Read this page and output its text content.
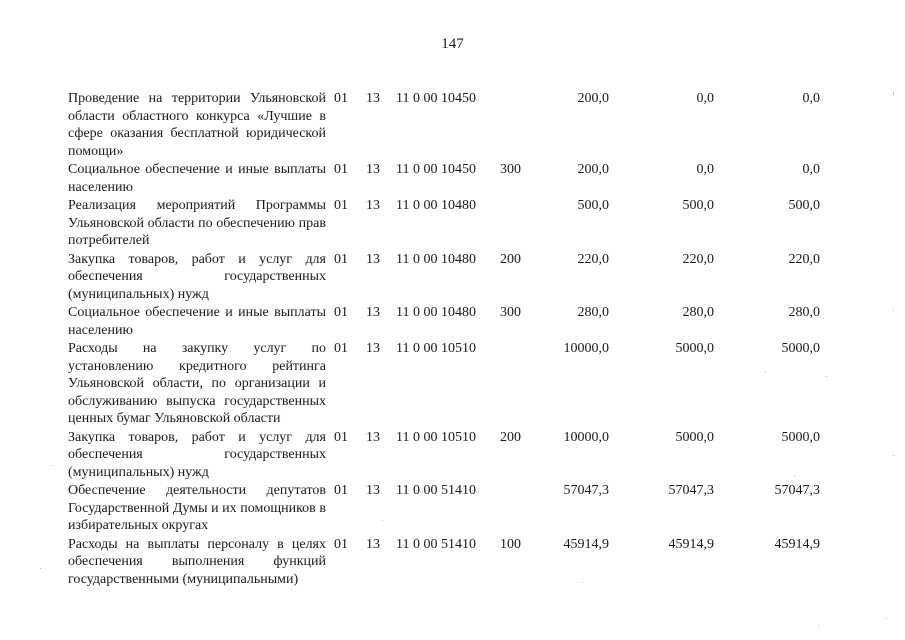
147
Проведение на территории Ульяновской области областного конкурса «Лучшие в сфере оказания бесплатной юридической помощи»
01 13 11 0 00 10450	200,0	0,0	0,0
Социальное обеспечение и иные выплаты населению
01 13 11 0 00 10450 300	200,0	0,0	0,0
Реализация мероприятий Программы Ульяновской области по обеспечению прав потребителей
01 13 11 0 00 10480	500,0	500,0	500,0
Закупка товаров, работ и услуг для обеспечения государственных (муниципальных) нужд
01 13 11 0 00 10480 200	220,0	220,0	220,0
Социальное обеспечение и иные выплаты населению
01 13 11 0 00 10480 300	280,0	280,0	280,0
Расходы на закупку услуг по установлению кредитного рейтинга Ульяновской области, по организации и обслуживанию выпуска государственных ценных бумаг Ульяновской области
01 13 11 0 00 10510	10000,0	5000,0	5000,0
Закупка товаров, работ и услуг для обеспечения государственных (муниципальных) нужд
01 13 11 0 00 10510 200	10000,0	5000,0	5000,0
Обеспечение деятельности депутатов Государственной Думы и их помощников в избирательных округах
01 13 11 0 00 51410	57047,3	57047,3	57047,3
Расходы на выплаты персоналу в целях обеспечения выполнения функций государственными (муниципальными)
01 13 11 0 00 51410 100	45914,9	45914,9	45914,9
